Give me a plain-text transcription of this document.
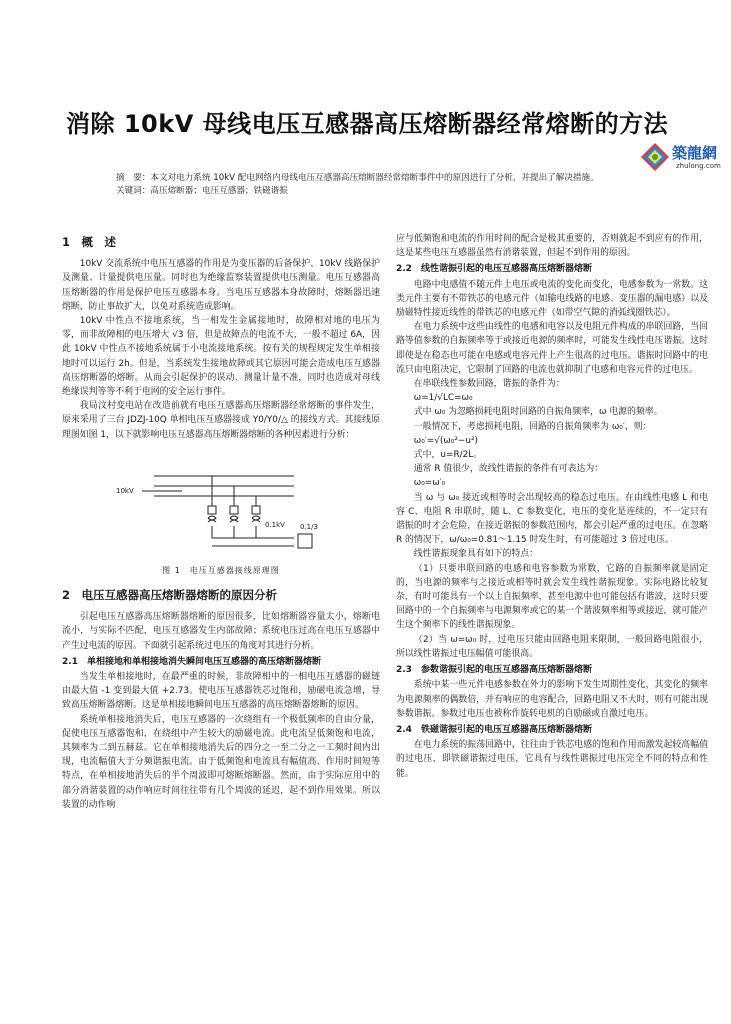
消除 10kV 母线电压互感器高压熔断器经常熔断的方法
築龍網
zhulong.com

摘　要：本文对电力系统 10kV 配电网络内母线电压互感器高压熔断器经常熔断事件中的原因进行了分析，并提出了解决措施。

关键词：高压熔断器；电压互感器；铁磁谐振

1　概　述

10kV 交流系统中电压互感器的作用是为变压器的后备保护、10kV 线路保护及测量、计量提供电压量。同时也为绝缘监察装置提供电压测量。电压互感器高压熔断器的作用是保护电压互感器本身。当电压互感器本身故障时，熔断器迅速熔断，防止事故扩大，以免对系统造成影响。

10kV 中性点不接地系统，当一相发生金属接地时，故障相对地的电压为零，而非故障相的电压增大 √3 倍，但是故障点的电流不大，一般不超过 6A，因此 10kV 中性点不接地系统属于小电流接地系统。按有关的规程规定发生单相接地时可以运行 2h。但是，当系统发生接地故障或其它原因可能会造成电压互感器高压熔断器的熔断。从而会引起保护的误动、测量计量不准，同时也造成对母线绝缘误判等等不利于电网的安全运行事件。

我局汶村变电站在改造前就有电压互感器高压熔断器经常熔断的事件发生，原来采用了三台 JDZJ-10Q 单相电压互感器接成 Y0/Y0/△ 的接线方式。其接线原理图如图 1，以下就影响电压互感器高压熔断器熔断的各种因素进行分析：

10kV
0.1kV 0.1/3
图 1　电压互感器接线原理图
2　电压互感器高压熔断器熔断的原因分析

引起电压互感器高压熔断器熔断的原因很多，比如熔断器容量太小，熔断电流小，与实际不匹配，电压互感器发生内部故障；系统电压过高在电压互感器中产生过电流的原因。下面就引起系统过电压的角度对其进行分析。

2.1　单相接地和单相接地消失瞬间电压互感器的高压熔断器熔断

当发生单相接地时，在最严重的时候，非故障相中的一相电压互感器的磁链由最大值 -1 变到最大值 +2.73。使电压互感器铁芯过饱和，励磁电流急增，导致高压熔断器熔断。这是单相接地瞬间电压互感器的高压熔断器熔断的原因。

系统单相接地消失后，电压互感器的一次绕组有一个极低频率的自由分量，促使电压互感器饱和，在绕组中产生较大的励磁电流。此电流呈低频饱和电流，其频率为二到五赫兹。它在单相接地消失后的四分之一至二分之一工频时间内出现，电流幅值大于分频谐振电流。由于低频饱和电流具有幅值高、作用时间短等特点，在单相接地消失后的半个周波即可熔断熔断器。然而，由于实际应用中的部分消谐装置的动作响应时间往往带有几个周波的延迟，起不到作用效果。所以装置的动作响

应与低频饱和电流的作用时间的配合是极其重要的，否则就起不到应有的作用，这是某些电压互感器虽然有消谐装置，但起不到作用的原因。

2.2　线性谐振引起的电压互感器高压熔断器熔断

电路中电感值不随元件上电压或电流的变化而变化，电感参数为一常数。这类元件主要有不带铁芯的电感元件（如输电线路的电感、变压器的漏电感）以及励磁特性接近线性的带铁芯的电感元件（如带空气隙的消弧线圈铁芯）。

在电力系统中这些由线性的电感和电容以及电阻元件构成的串联回路，当回路等值参数的自振频率等于或接近电源的频率时，可能发生线性电压谐振。这时即使是在稳态也可能在电感或电容元件上产生很高的过电压。谐振时回路中的电流只由电阻决定，它限制了回路的电流也就抑制了电感和电容元件的过电压。

在串联线性参数回路，谐振的条件为：

ω=1/√LC=ω₀

式中 ω₀ 为忽略损耗电阻时回路的自振角频率，ω 电源的频率。

一般情况下，考虑损耗电阻，回路的自振角频率为 ω₀′，则：

ω₀′=√(ω₀²−u²)

式中，u=R/2L。

通常 R 值很少，故线性谐振的条件有可表达为：

ω₀=ω′₀

当 ω 与 ω₀ 接近或相等时会出现较高的稳态过电压。在由线性电感 L 和电容 C、电阻 R 串联时，随 L、C 参数变化，电压的变化是连续的，不一定只有谐振的时才会危险，在接近谐振的参数范围内，都会引起严重的过电压。在忽略 R 的情况下，ω/ω₀=0.81～1.15 时发生时，有可能超过 3 倍过电压。

线性谐振现象具有如下的特点：

（1）只要串联回路的电感和电容参数为常数，它路的自振频率就是固定的，当电源的频率与之接近或相等时就会发生线性谐振现象。实际电路比较复杂，有时可能具有一个以上自振频率，甚至电源中也可能包括有谐波，这时只要回路中的一个自振频率与电源频率或它的某一个谐波频率相等或接近，就可能产生这个频率下的线性谐振现象。

（2）当 ω=ω₀ 时，过电压只能由回路电阻来限制，一般回路电阻很小，所以线性谐振过电压幅值可能很高。

2.3　参数谐振引起的电压互感器高压熔断器熔断

系统中某一些元件电感参数在外力的影响下发生周期性变化，其变化的频率为电源频率的偶数倍，并有响应的电容配合，回路电阻又不大时，则有可能出现参数谐振。参数过电压也被称作旋转电机的自励磁或自激过电压。

2.4　铁磁谐振引起的电压互感器高压熔断器熔断

在电力系统的振荡回路中，往往由于铁芯电感的饱和作用而激发起较高幅值的过电压，即铁磁谐振过电压，它具有与线性谐振过电压完全不同的特点和性能。
